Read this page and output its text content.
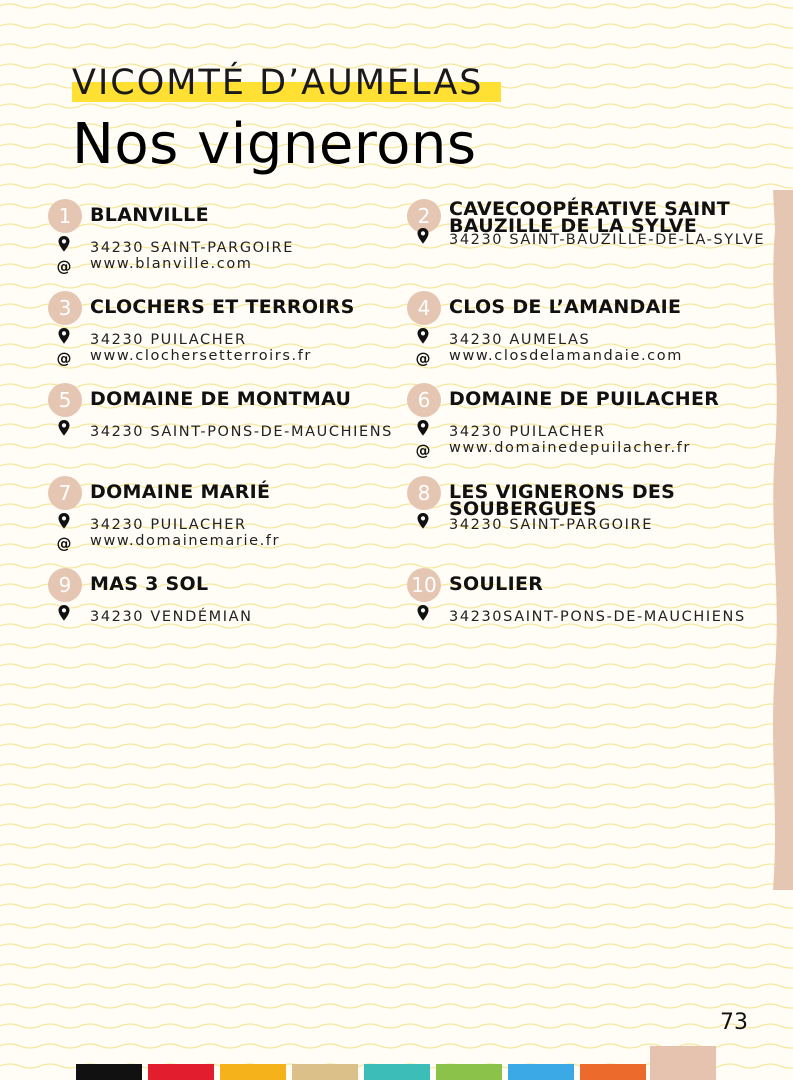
VICOMTÉ D’AUMELAS
Nos vignerons
1 BLANVILLE
34230 SAINT-PARGOIRE
@ www.blanville.com
2 CAVECOOPÉRATIVE SAINT BAUZILLE DE LA SYLVE
34230 SAINT-BAUZILLE-DE-LA-SYLVE
3 CLOCHERS ET TERROIRS
34230 PUILACHER
@ www.clochersetterroirs.fr
4 CLOS DE L’AMANDAIE
34230 AUMELAS
@ www.closdelamandaie.com
5 DOMAINE DE MONTMAU
34230 SAINT-PONS-DE-MAUCHIENS
6 DOMAINE DE PUILACHER
34230 PUILACHER
@ www.domainedepuilacher.fr
7 DOMAINE MARIÉ
34230 PUILACHER
@ www.domainemarie.fr
8 LES VIGNERONS DES SOUBERGUES
34230 SAINT-PARGOIRE
9 MAS 3 SOL
34230 VENDÉMIAN
10 SOULIER
34230SAINT-PONS-DE-MAUCHIENS
73
